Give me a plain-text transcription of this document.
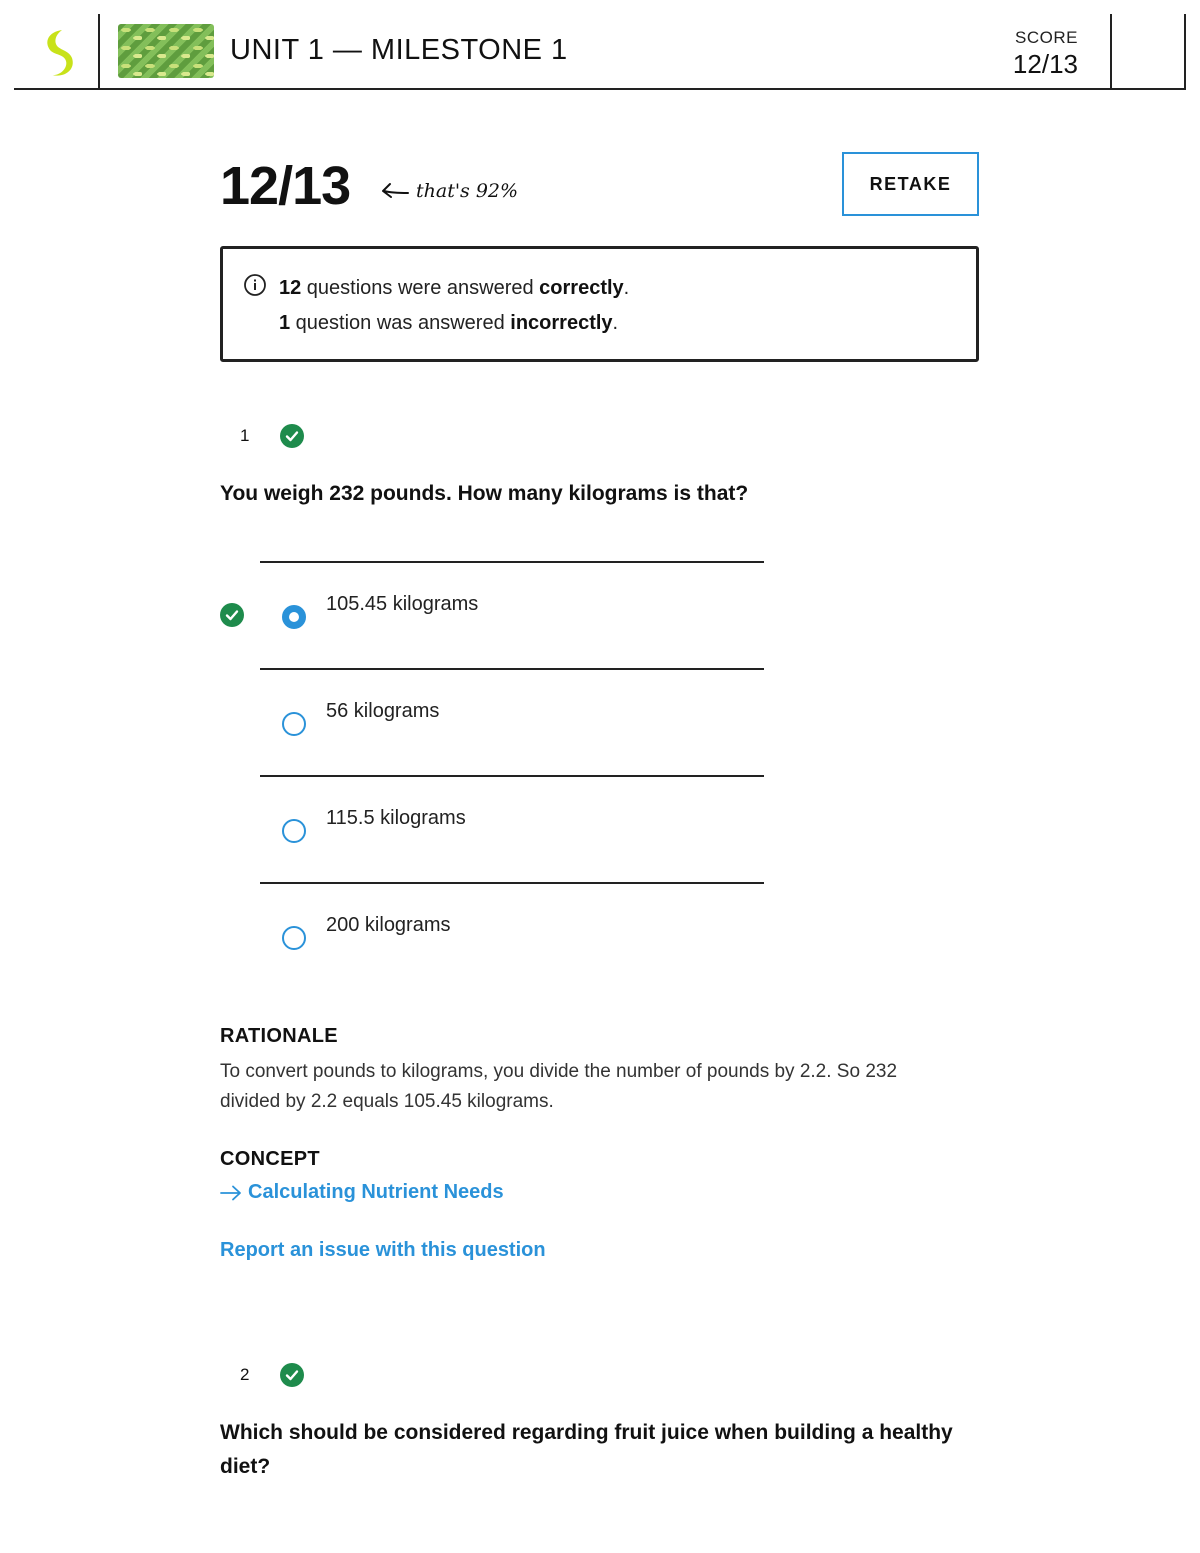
UNIT 1 — MILESTONE 1	SCORE
12/13
12/13	that's 92%	RETAKE
12 questions were answered correctly.
1 question was answered incorrectly.
1
You weigh 232 pounds. How many kilograms is that?
105.45 kilograms
56 kilograms
115.5 kilograms
200 kilograms
RATIONALE
To convert pounds to kilograms, you divide the number of pounds by 2.2. So 232 divided by 2.2 equals 105.45 kilograms.
CONCEPT
Calculating Nutrient Needs
Report an issue with this question
2
Which should be considered regarding fruit juice when building a healthy diet?
